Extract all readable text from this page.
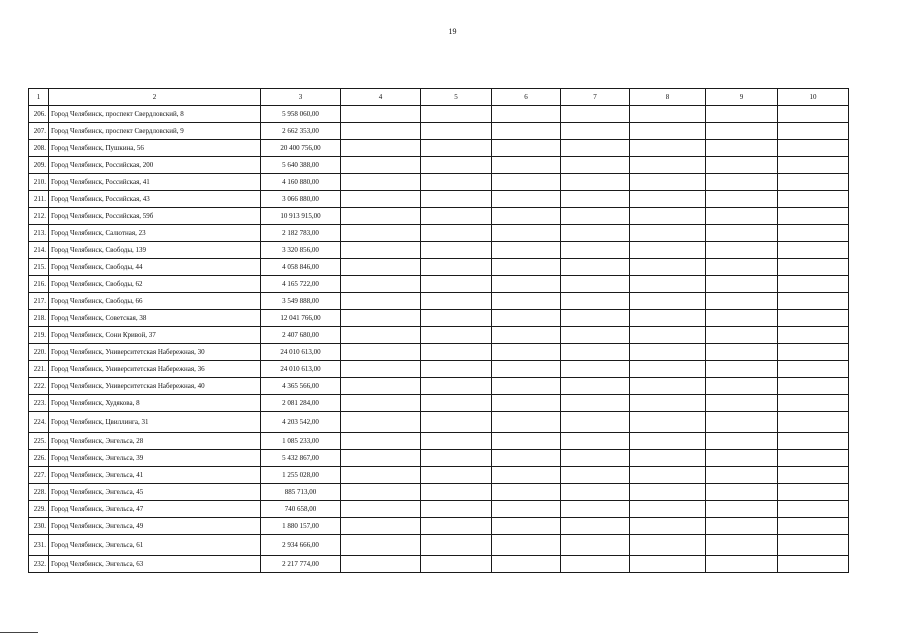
19
1	2	3	4	5	6	7	8	9	10
206.	Город Челябинск, проспект Свердловский, 8	5 958 060,00							
207.	Город Челябинск, проспект Свердловский, 9	2 662 353,00							
208.	Город Челябинск, Пушкина, 56	20 400 756,00							
209.	Город Челябинск, Российская, 200	5 640 388,00							
210.	Город Челябинск, Российская, 41	4 160 880,00							
211.	Город Челябинск, Российская, 43	3 066 880,00							
212.	Город Челябинск, Российская, 59б	10 913 915,00							
213.	Город Челябинск, Салютная, 23	2 182 783,00							
214.	Город Челябинск, Свободы, 139	3 320 856,00							
215.	Город Челябинск, Свободы, 44	4 058 846,00							
216.	Город Челябинск, Свободы, 62	4 165 722,00							
217.	Город Челябинск, Свободы, 66	3 549 888,00							
218.	Город Челябинск, Советская, 38	12 041 766,00							
219.	Город Челябинск, Сони Кривой, 37	2 407 680,00							
220.	Город Челябинск, Университетская Набережная, 30	24 010 613,00							
221.	Город Челябинск, Университетская Набережная, 36	24 010 613,00							
222.	Город Челябинск, Университетская Набережная, 40	4 365 566,00							
223.	Город Челябинск, Худякова, 8	2 081 284,00							
224.	Город Челябинск, Цвиллинга, 31	4 203 542,00							
225.	Город Челябинск, Энгельса, 28	1 085 233,00							
226.	Город Челябинск, Энгельса, 39	5 432 867,00							
227.	Город Челябинск, Энгельса, 41	1 255 028,00							
228.	Город Челябинск, Энгельса, 45	885 713,00							
229.	Город Челябинск, Энгельса, 47	740 658,00							
230.	Город Челябинск, Энгельса, 49	1 880 157,00							
231.	Город Челябинск, Энгельса, 61	2 934 666,00							
232.	Город Челябинск, Энгельса, 63	2 217 774,00							
